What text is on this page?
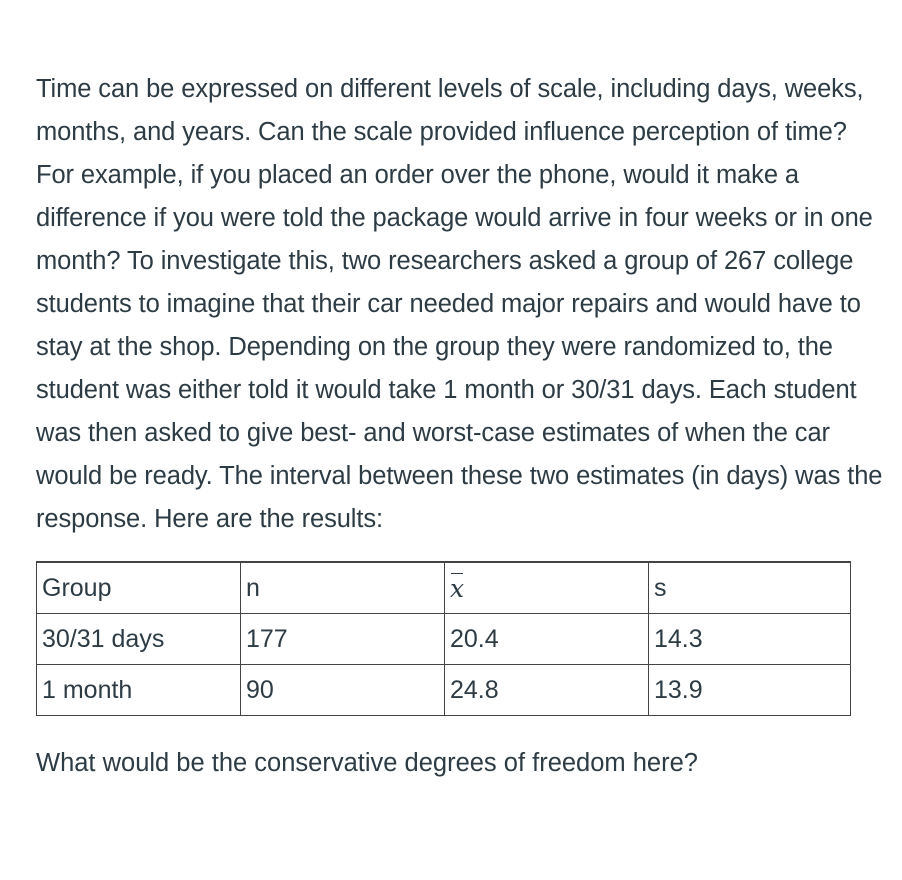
Time can be expressed on different levels of scale, including days, weeks, months, and years. Can the scale provided influence perception of time? For example, if you placed an order over the phone, would it make a difference if you were told the package would arrive in four weeks or in one month? To investigate this, two researchers asked a group of 267 college students to imagine that their car needed major repairs and would have to stay at the shop. Depending on the group they were randomized to, the student was either told it would take 1 month or 30/31 days. Each student was then asked to give best- and worst-case estimates of when the car would be ready. The interval between these two estimates (in days) was the response. Here are the results:

Group	n	x	s
30/31 days	177	20.4	14.3
1 month	90	24.8	13.9

What would be the conservative degrees of freedom here?
